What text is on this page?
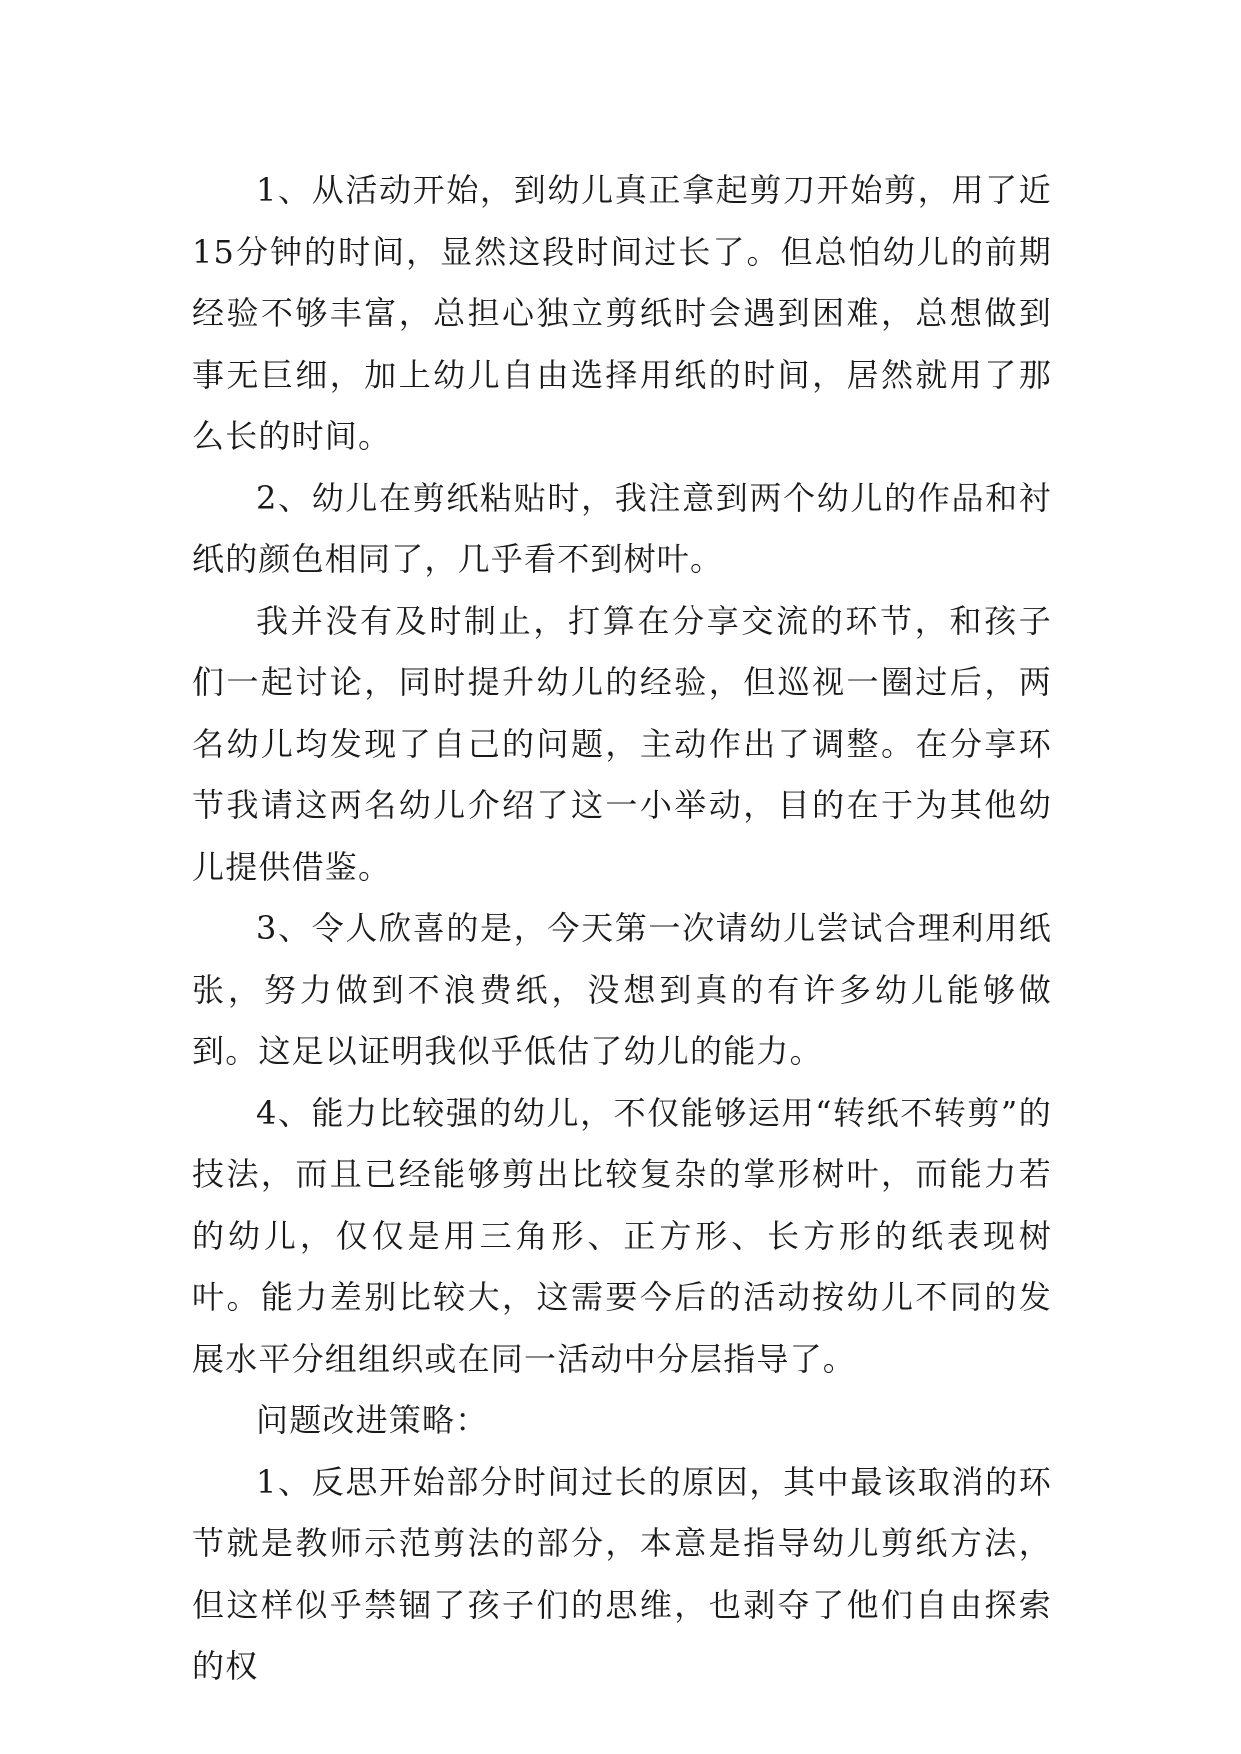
1、从活动开始，到幼儿真正拿起剪刀开始剪，用了近15分钟的时间，显然这段时间过长了。但总怕幼儿的前期经验不够丰富，总担心独立剪纸时会遇到困难，总想做到事无巨细，加上幼儿自由选择用纸的时间，居然就用了那么长的时间。

2、幼儿在剪纸粘贴时，我注意到两个幼儿的作品和衬纸的颜色相同了，几乎看不到树叶。

我并没有及时制止，打算在分享交流的环节，和孩子们一起讨论，同时提升幼儿的经验，但巡视一圈过后，两名幼儿均发现了自己的问题，主动作出了调整。在分享环节我请这两名幼儿介绍了这一小举动，目的在于为其他幼儿提供借鉴。

3、令人欣喜的是，今天第一次请幼儿尝试合理利用纸张，努力做到不浪费纸，没想到真的有许多幼儿能够做到。这足以证明我似乎低估了幼儿的能力。

4、能力比较强的幼儿，不仅能够运用“转纸不转剪”的技法，而且已经能够剪出比较复杂的掌形树叶，而能力若的幼儿，仅仅是用三角形、正方形、长方形的纸表现树叶。能力差别比较大，这需要今后的活动按幼儿不同的发展水平分组组织或在同一活动中分层指导了。

问题改进策略：

1、反思开始部分时间过长的原因，其中最该取消的环节就是教师示范剪法的部分，本意是指导幼儿剪纸方法，但这样似乎禁锢了孩子们的思维，也剥夺了他们自由探索的权
